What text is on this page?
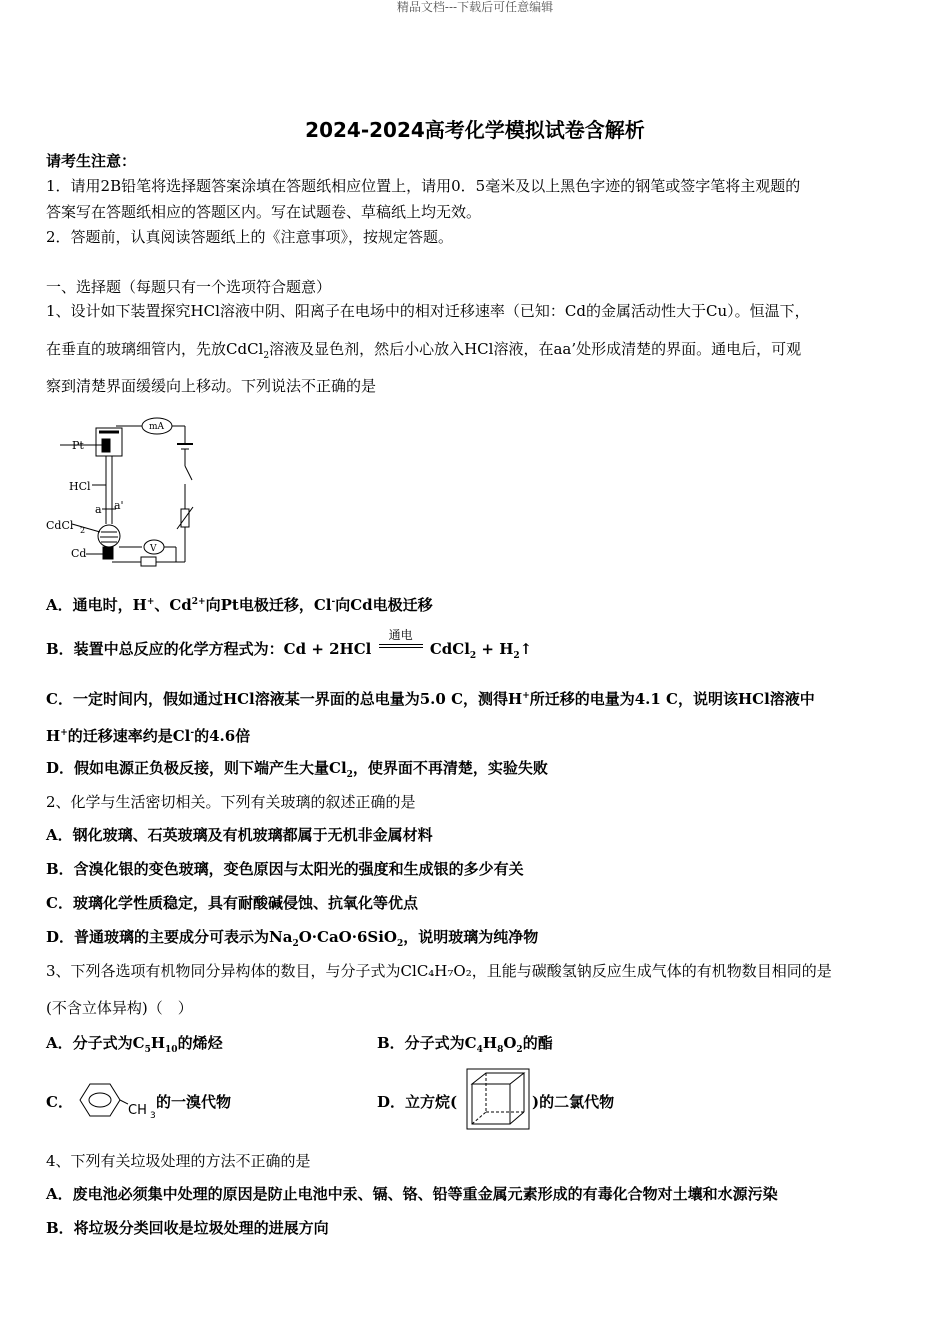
精品文档---下载后可任意编辑
2024-2024高考化学模拟试卷含解析
请考生注意：
1．请用2B铅笔将选择题答案涂填在答题纸相应位置上，请用0．5毫米及以上黑色字迹的钢笔或签字笔将主观题的
答案写在答题纸相应的答题区内。写在试题卷、草稿纸上均无效。
2．答题前，认真阅读答题纸上的《注意事项》，按规定答题。
一、选择题（每题只有一个选项符合题意）
1、设计如下装置探究HCl溶液中阴、阳离子在电场中的相对迁移速率（已知：Cd的金属活动性大于Cu）。恒温下，
在垂直的玻璃细管内，先放CdCl$_2$溶液及显色剂，然后小心放入HCl溶液，在aa’处形成清楚的界面。通电后，可观
察到清楚界面缓缓向上移动。下列说法不正确的是
Pt
HCl
a a'
CdCl 2
Cd
mA
V
A．通电时，H+、$Cd^{2+}$向Pt电极迁移，Cl-向Cd电极迁移
B．装置中总反应的化学方程式为：Cd + 2HCl
通电
CdCl$_2$ + $H_2↑$
C．一定时间内，假如通过HCl溶液某一界面的总电量为5.0 C，测得H+所迁移的电量为4.1 C，说明该HCl溶液中
H+的迁移速率约是Cl-的4.6倍
D．假如电源正负极反接，则下端产生大量$Cl_2$，使界面不再清楚，实验失败
2、化学与生活密切相关。下列有关玻璃的叙述正确的是
A．钢化玻璃、石英玻璃及有机玻璃都属于无机非金属材料
B．含溴化银的变色玻璃，变色原因与太阳光的强度和生成银的多少有关
C．玻璃化学性质稳定，具有耐酸碱侵蚀、抗氧化等优点
D．普通玻璃的主要成分可表示为$Na_2O\cdot CaO\cdot 6SiO_2$，说明玻璃为纯净物
3、下列各选项有机物同分异构体的数目，与分子式为ClC₄H₇O₂，且能与碳酸氢钠反应生成气体的有机物数目相同的是
(不含立体异构)（　）
A．分子式为$C_5H_{10}$的烯烃	B．分子式为$C_4H_8O_2$的酯
C．	CH 3
的一溴代物	D．立方烷(	)的二氯代物
4、下列有关垃圾处理的方法不正确的是
A．废电池必须集中处理的原因是防止电池中汞、镉、铬、铅等重金属元素形成的有毒化合物对土壤和水源污染
B．将垃圾分类回收是垃圾处理的进展方向
